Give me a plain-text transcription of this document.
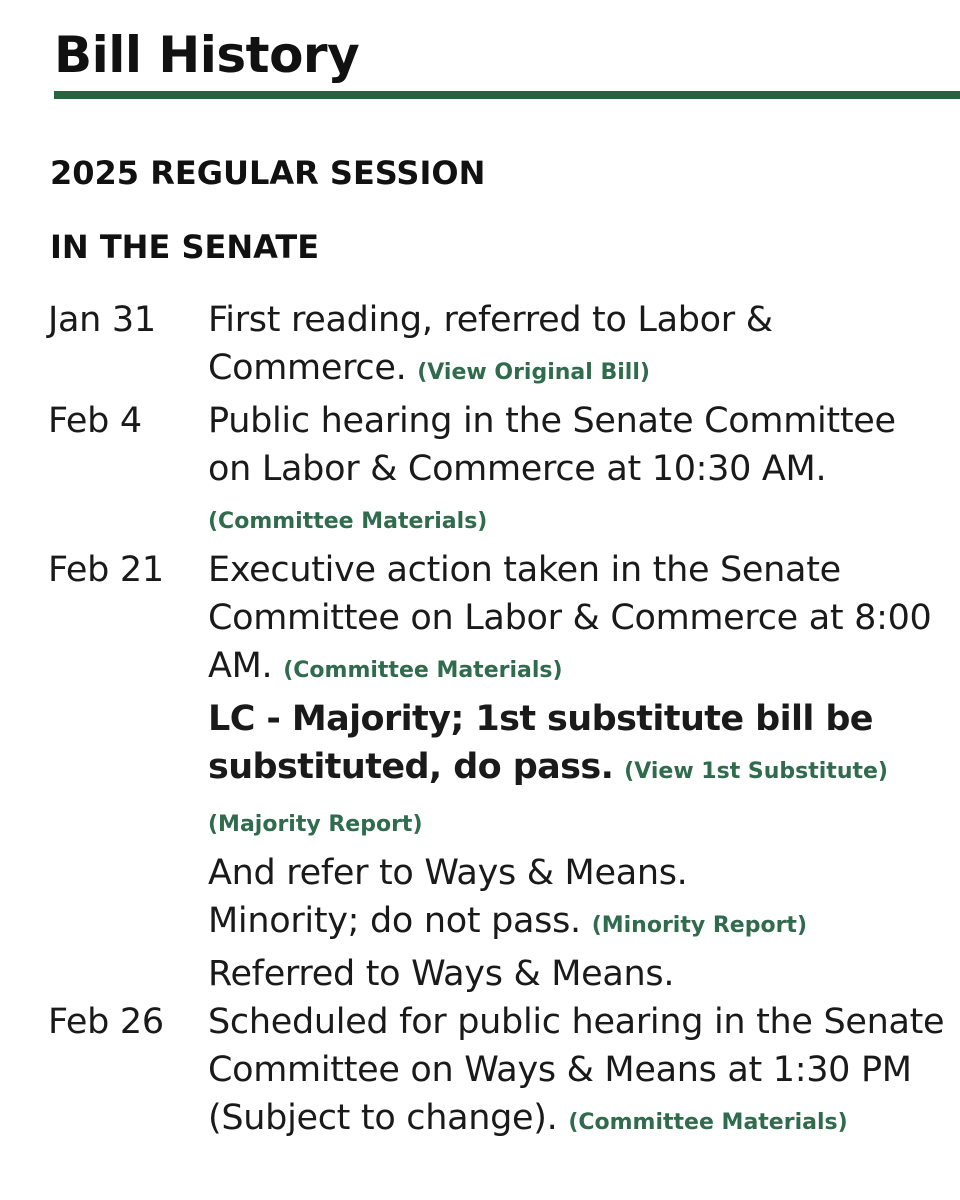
Bill History
2025 REGULAR SESSION
IN THE SENATE
Jan 31	First reading, referred to Labor & Commerce. (View Original Bill)

Feb 4	Public hearing in the Senate Committee on Labor & Commerce at 10:30 AM. (Committee Materials)

Feb 21	Executive action taken in the Senate Committee on Labor & Commerce at 8:00 AM. (Committee Materials)

LC - Majority; 1st substitute bill be substituted, do pass. (View 1st Substitute) (Majority Report)

And refer to Ways & Means.

Minority; do not pass. (Minority Report)

Referred to Ways & Means.

Feb 26	Scheduled for public hearing in the Senate Committee on Ways & Means at 1:30 PM (Subject to change). (Committee Materials)
